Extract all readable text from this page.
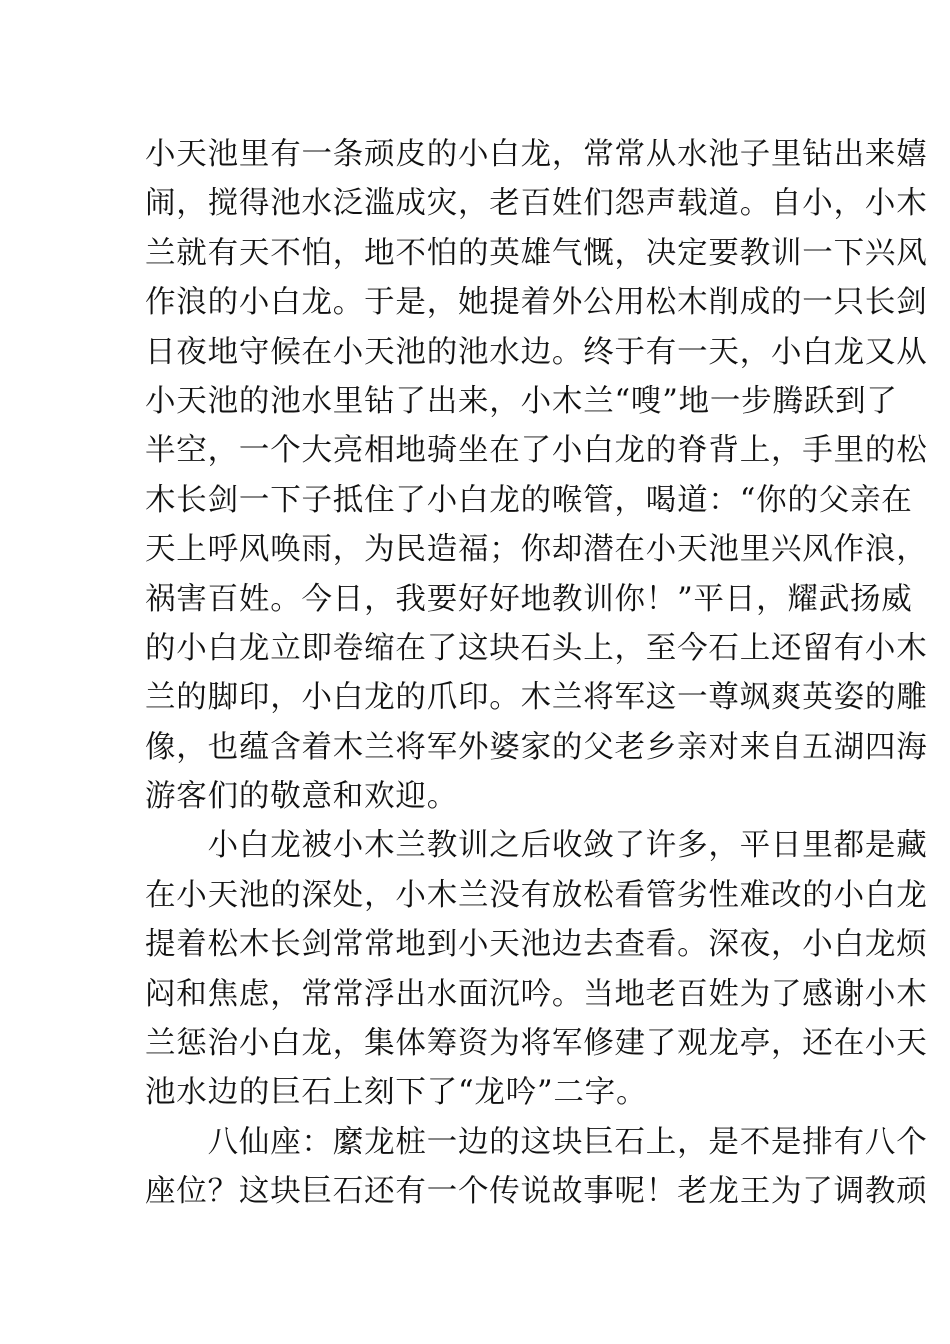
小天池里有一条顽皮的小白龙，常常从水池子里钻出来嬉
闹，搅得池水泛滥成灾，老百姓们怨声载道。自小，小木
兰就有天不怕，地不怕的英雄气慨，决定要教训一下兴风
作浪的小白龙。于是，她提着外公用松木削成的一只长剑
日夜地守候在小天池的池水边。终于有一天，小白龙又从
小天池的池水里钻了出来，小木兰“嗖”地一步腾跃到了
半空，一个大亮相地骑坐在了小白龙的脊背上，手里的松
木长剑一下子抵住了小白龙的喉管，喝道：“你的父亲在
天上呼风唤雨，为民造福；你却潜在小天池里兴风作浪，
祸害百姓。今日，我要好好地教训你！”平日，耀武扬威
的小白龙立即卷缩在了这块石头上，至今石上还留有小木
兰的脚印，小白龙的爪印。木兰将军这一尊飒爽英姿的雕
像，也蕴含着木兰将军外婆家的父老乡亲对来自五湖四海
游客们的敬意和欢迎。
　　小白龙被小木兰教训之后收敛了许多，平日里都是藏
在小天池的深处，小木兰没有放松看管劣性难改的小白龙
提着松木长剑常常地到小天池边去查看。深夜，小白龙烦
闷和焦虑，常常浮出水面沉吟。当地老百姓为了感谢小木
兰惩治小白龙，集体筹资为将军修建了观龙亭，还在小天
池水边的巨石上刻下了“龙吟”二字。
　　八仙座：縻龙桩一边的这块巨石上，是不是排有八个
座位？这块巨石还有一个传说故事呢！老龙王为了调教顽
